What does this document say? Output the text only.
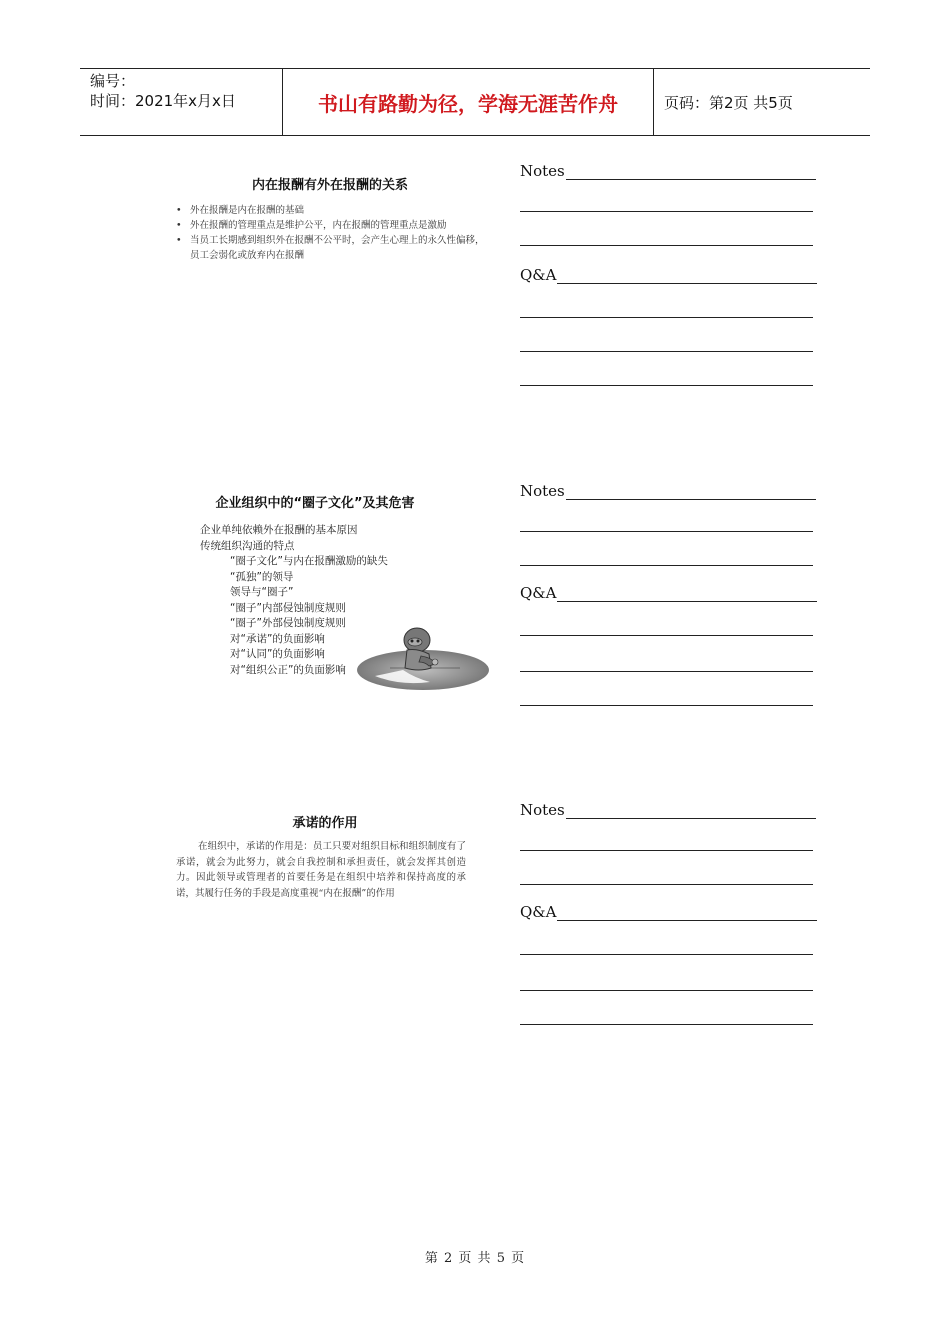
编号：
时间：2021年x月x日	书山有路勤为径，学海无涯苦作舟	页码：第2页 共5页
内在报酬有外在报酬的关系
• 外在报酬是内在报酬的基础
• 外在报酬的管理重点是维护公平，内在报酬的管理重点是激励
• 当员工长期感到组织外在报酬不公平时，会产生心理上的永久性偏移，员工会弱化或放弃内在报酬
企业组织中的“圈子文化”及其危害
企业单纯依赖外在报酬的基本原因
传统组织沟通的特点
“圈子文化”与内在报酬激励的缺失
“孤独”的领导
领导与“圈子”
“圈子”内部侵蚀制度规则
“圈子”外部侵蚀制度规则
对“承诺”的负面影响
对“认同”的负面影响
对“组织公正”的负面影响
承诺的作用

在组织中，承诺的作用是：员工只要对组织目标和组织制度有了承诺，就会为此努力，就会自我控制和承担责任，就会发挥其创造力。因此领导或管理者的首要任务是在组织中培养和保持高度的承诺，其履行任务的手段是高度重视“内在报酬”的作用

Notes
Q&A
Notes
Q&A
Notes
Q&A
第 2 页 共 5 页
